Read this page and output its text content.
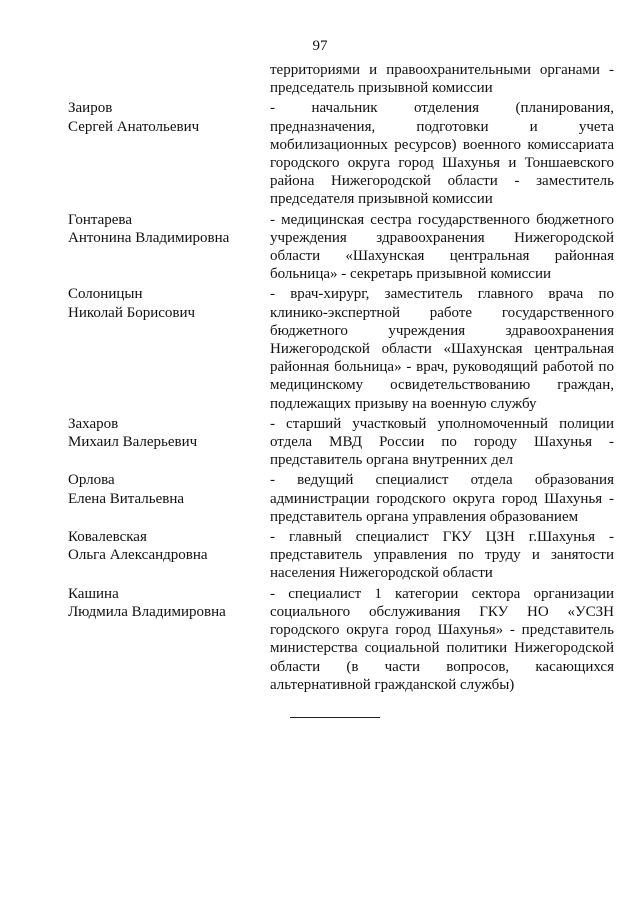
97
территориями и правоохранительными органами - председатель призывной комиссии
Заиров
Сергей Анатольевич
- начальник отделения (планирования, предназначения, подготовки и учета мобилизационных ресурсов) военного комиссариата городского округа город Шахунья и Тоншаевского района Нижегородской области - заместитель председателя призывной комиссии
Гонтарева
Антонина Владимировна
- медицинская сестра государственного бюджетного учреждения здравоохранения Нижегородской области «Шахунская центральная районная больница» - секретарь призывной комиссии
Солоницын
Николай Борисович
- врач-хирург, заместитель главного врача по клинико-экспертной работе государственного бюджетного учреждения здравоохранения Нижегородской области «Шахунская центральная районная больница» - врач, руководящий работой по медицинскому освидетельствованию граждан, подлежащих призыву на военную службу
Захаров
Михаил Валерьевич
- старший участковый уполномоченный полиции отдела МВД России по городу Шахунья - представитель органа внутренних дел
Орлова
Елена Витальевна
- ведущий специалист отдела образования администрации городского округа город Шахунья - представитель органа управления образованием
Ковалевская
Ольга Александровна
- главный специалист ГКУ ЦЗН г.Шахунья - представитель управления по труду и занятости населения Нижегородской области
Кашина
Людмила Владимировна
- специалист 1 категории сектора организации социального обслуживания ГКУ НО «УСЗН городского округа город Шахунья» - представитель министерства социальной политики Нижегородской области (в части вопросов, касающихся альтернативной гражданской службы)
